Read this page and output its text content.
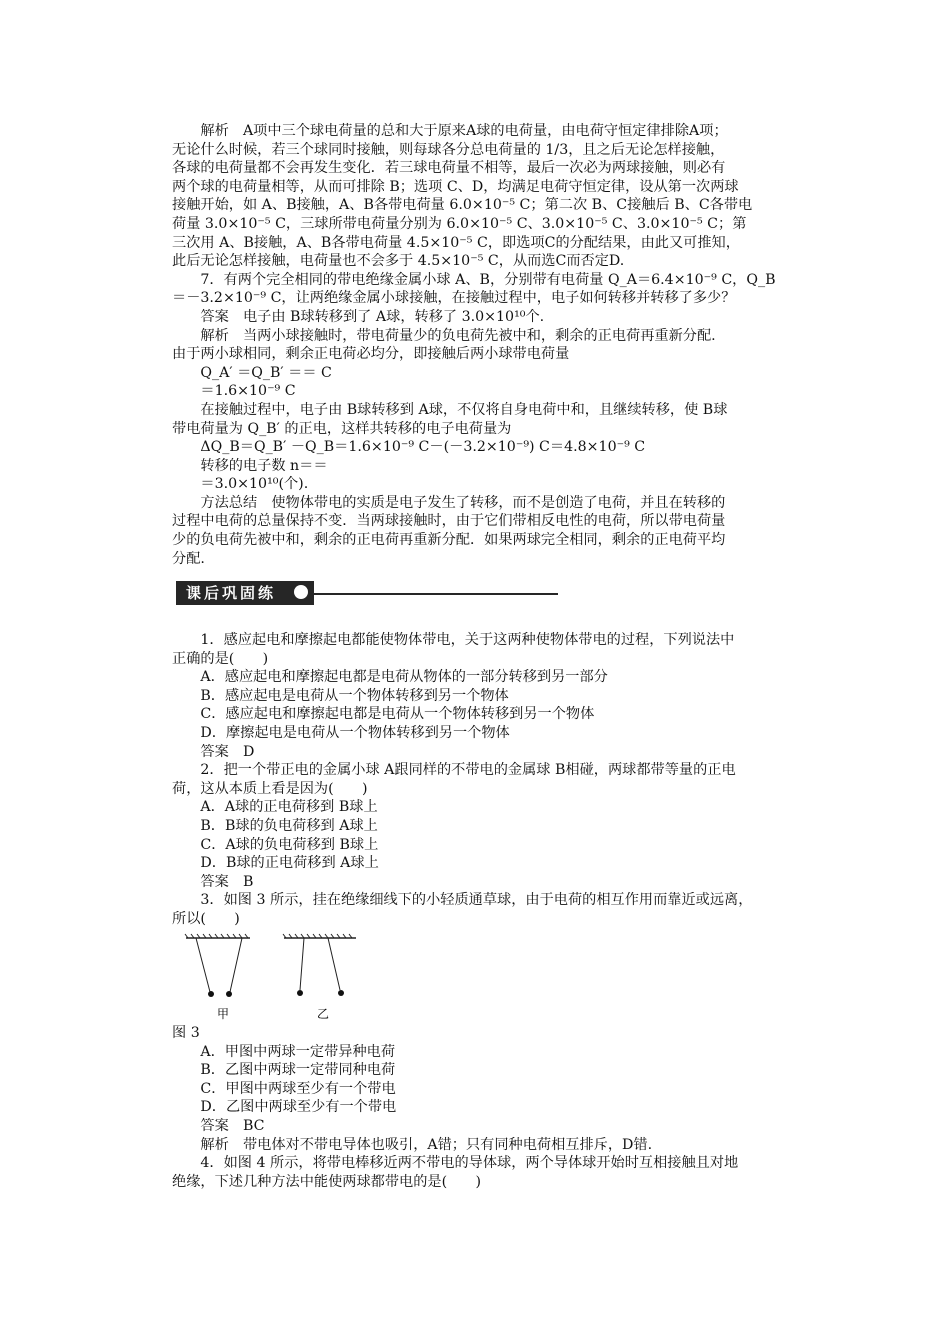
　　解析　A项中三个球电荷量的总和大于原来A球的电荷量，由电荷守恒定律排除A项；

无论什么时候，若三个球同时接触，则每球各分总电荷量的 1/3，且之后无论怎样接触，

各球的电荷量都不会再发生变化．若三球电荷量不相等，最后一次必为两球接触，则必有

两个球的电荷量相等，从而可排除 B；选项 C、D，均满足电荷守恒定律，设从第一次两球

接触开始，如 A、B接触，A、B各带电荷量 6.0×10⁻⁵ C；第二次 B、C接触后 B、C各带电

荷量 3.0×10⁻⁵ C，三球所带电荷量分别为 6.0×10⁻⁵ C、3.0×10⁻⁵ C、3.0×10⁻⁵ C；第

三次用 A、B接触，A、B各带电荷量 4.5×10⁻⁵ C，即选项C的分配结果，由此又可推知，

此后无论怎样接触，电荷量也不会多于 4.5×10⁻⁵ C，从而选C而否定D.

　　7．有两个完全相同的带电绝缘金属小球 A、B，分别带有电荷量 Q_A＝6.4×10⁻⁹ C，Q_B

＝－3.2×10⁻⁹ C，让两绝缘金属小球接触，在接触过程中，电子如何转移并转移了多少？

　　答案　电子由 B球转移到了 A球，转移了 3.0×10¹⁰个.

　　解析　当两小球接触时，带电荷量少的负电荷先被中和，剩余的正电荷再重新分配.

由于两小球相同，剩余正电荷必均分，即接触后两小球带电荷量

　　Q_A′ ＝Q_B′ ＝＝ C

　　＝1.6×10⁻⁹ C

　　在接触过程中，电子由 B球转移到 A球，不仅将自身电荷中和，且继续转移，使 B球

带电荷量为 Q_B′ 的正电，这样共转移的电子电荷量为

　　ΔQ_B＝Q_B′ －Q_B＝1.6×10⁻⁹ C－(－3.2×10⁻⁹) C＝4.8×10⁻⁹ C

　　转移的电子数 n＝＝

　　＝3.0×10¹⁰(个).

　　方法总结　使物体带电的实质是电子发生了转移，而不是创造了电荷，并且在转移的

过程中电荷的总量保持不变．当两球接触时，由于它们带相反电性的电荷，所以带电荷量

少的负电荷先被中和，剩余的正电荷再重新分配．如果两球完全相同，剩余的正电荷平均

分配.

课后巩固练

　　1．感应起电和摩擦起电都能使物体带电，关于这两种使物体带电的过程，下列说法中

正确的是(　　)

　　A．感应起电和摩擦起电都是电荷从物体的一部分转移到另一部分

　　B．感应起电是电荷从一个物体转移到另一个物体

　　C．感应起电和摩擦起电都是电荷从一个物体转移到另一个物体

　　D．摩擦起电是电荷从一个物体转移到另一个物体

　　答案　D

　　2．把一个带正电的金属小球 A跟同样的不带电的金属球 B相碰，两球都带等量的正电

荷，这从本质上看是因为(　　)

　　A．A球的正电荷移到 B球上

　　B．B球的负电荷移到 A球上

　　C．A球的负电荷移到 B球上

　　D．B球的正电荷移到 A球上

　　答案　B

　　3．如图 3 所示，挂在绝缘细线下的小轻质通草球，由于电荷的相互作用而靠近或远离，

所以(　　)

甲	乙

图 3

　　A．甲图中两球一定带异种电荷

　　B．乙图中两球一定带同种电荷

　　C．甲图中两球至少有一个带电

　　D．乙图中两球至少有一个带电

　　答案　BC

　　解析　带电体对不带电导体也吸引，A错；只有同种电荷相互排斥，D错.

　　4．如图 4 所示，将带电棒移近两不带电的导体球，两个导体球开始时互相接触且对地

绝缘，下述几种方法中能使两球都带电的是(　　)
